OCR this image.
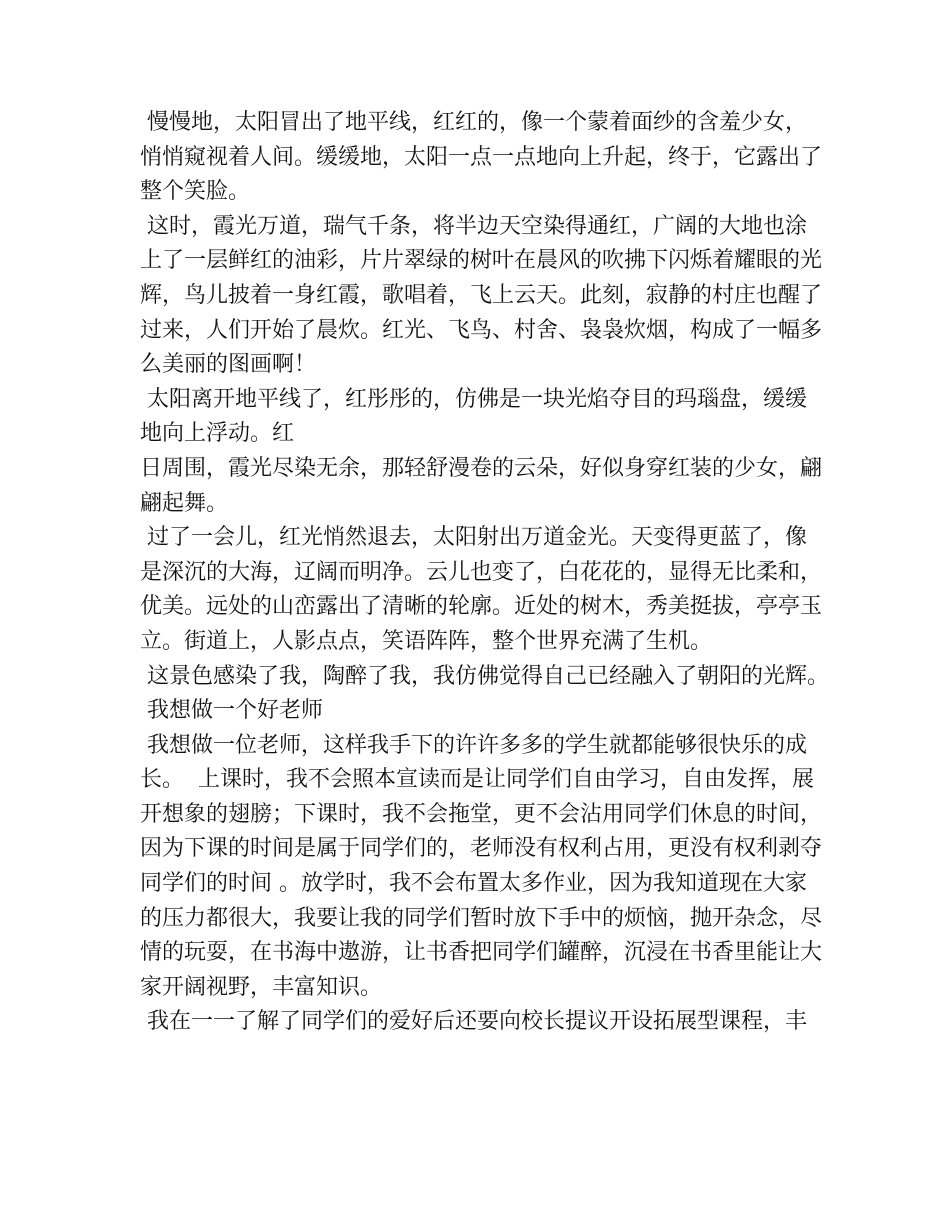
慢慢地，太阳冒出了地平线，红红的，像一个蒙着面纱的含羞少女，
悄悄窥视着人间。缓缓地，太阳一点一点地向上升起，终于，它露出了
整个笑脸。
这时，霞光万道，瑞气千条，将半边天空染得通红，广阔的大地也涂
上了一层鲜红的油彩，片片翠绿的树叶在晨风的吹拂下闪烁着耀眼的光
辉，鸟儿披着一身红霞，歌唱着，飞上云天。此刻，寂静的村庄也醒了
过来，人们开始了晨炊。红光、飞鸟、村舍、袅袅炊烟，构成了一幅多
么美丽的图画啊！
太阳离开地平线了，红彤彤的，仿佛是一块光焰夺目的玛瑙盘，缓缓
地向上浮动。红
日周围，霞光尽染无余，那轻舒漫卷的云朵，好似身穿红装的少女，翩
翩起舞。
过了一会儿，红光悄然退去，太阳射出万道金光。天变得更蓝了，像
是深沉的大海，辽阔而明净。云儿也变了，白花花的，显得无比柔和，
优美。远处的山峦露出了清晰的轮廓。近处的树木，秀美挺拔，亭亭玉
立。街道上，人影点点，笑语阵阵，整个世界充满了生机。
这景色感染了我，陶醉了我，我仿佛觉得自己已经融入了朝阳的光辉。
我想做一个好老师
我想做一位老师，这样我手下的许许多多的学生就都能够很快乐的成
长。  上课时，我不会照本宣读而是让同学们自由学习，自由发挥，展
开想象的翅膀；下课时，我不会拖堂，更不会沾用同学们休息的时间，
因为下课的时间是属于同学们的，老师没有权利占用，更没有权利剥夺
同学们的时间 。放学时，我不会布置太多作业，因为我知道现在大家
的压力都很大，我要让我的同学们暂时放下手中的烦恼，抛开杂念，尽
情的玩耍，在书海中遨游，让书香把同学们罐醉，沉浸在书香里能让大
家开阔视野，丰富知识。
我在一一了解了同学们的爱好后还要向校长提议开设拓展型课程，丰
